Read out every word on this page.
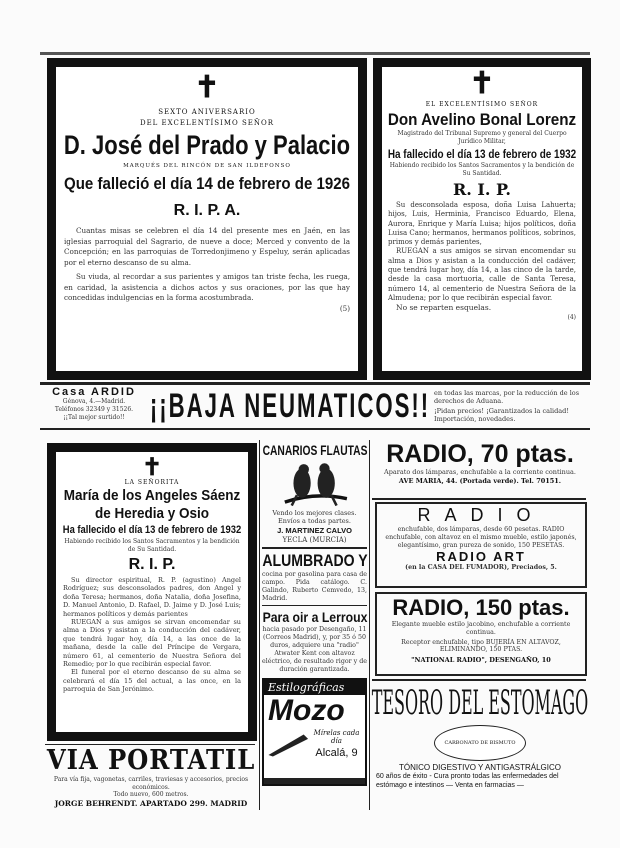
✝
SEXTO ANIVERSARIO
DEL EXCELENTÍSIMO SEÑOR
D. José del Prado y Palacio
MARQUÉS DEL RINCÓN DE SAN ILDEFONSO
Que falleció el día 14 de febrero de 1926
R. I. P. A.
Cuantas misas se celebren el día 14 del presente mes en Jaén, en las iglesias parroquial del Sagrario, de nueve a doce; Merced y convento de la Concepción; en las parroquias de Torredonjimeno y Espeluy, serán aplicadas por el eterno descanso de su alma.
Su viuda, al recordar a sus parientes y amigos tan triste fecha, les ruega, en caridad, la asistencia a dichos actos y sus oraciones, por las que hay concedidas indulgencias en la forma acostumbrada.
(5)
✝
EL EXCELENTÍSIMO SEÑOR
Don Avelino Bonal Lorenz
Magistrado del Tribunal Supremo y general del Cuerpo Jurídico Militar,
Ha fallecido el día 13 de febrero de 1932
Habiendo recibido los Santos Sacramentos y la bendición de Su Santidad.
R. I. P.
Su desconsolada esposa, doña Luisa Lahuerta; hijos, Luis, Herminia, Francisco Eduardo, Elena, Aurora, Enrique y María Luisa; hijos políticos, doña Luisa Cano; hermanos, hermanos políticos, sobrinos, primos y demás parientes,
RUEGAN a sus amigos se sirvan encomendar su alma a Dios y asistan a la conducción del cadáver, que tendrá lugar hoy, día 14, a las cinco de la tarde, desde la casa mortuoria, calle de Santa Teresa, número 14, al cementerio de Nuestra Señora de la Almudena; por lo que recibirán especial favor.
No se reparten esquelas.
(4)
Casa ARDID
Génova, 4.—Madrid.
Teléfonos 32349 y 31526.
¡¡Tal mejor surtido!! ¡¡BAJA NEUMATICOS!! en todas las marcas, por la reducción de los derechos de Aduana.
¡Pidan precios! ¡Garantizados la calidad! Importación, novedades.
✝
LA SEÑORITA
María de los Angeles Sáenz
de Heredia y Osio
Ha fallecido el día 13 de febrero de 1932
Habiendo recibido los Santos Sacramentos y la bendición de Su Santidad.
R. I. P.
Su director espiritual, R. P. (agustino) Angel Rodríguez; sus desconsolados padres, don Angel y doña Teresa; hermanos, doña Natalia, doña Josefina, D. Manuel Antonio, D. Rafael, D. Jaime y D. José Luis; hermanos políticos y demás parientes
RUEGAN a sus amigos se sirvan encomendar su alma a Dios y asistan a la conducción del cadáver, que tendrá lugar hoy, día 14, a las once de la mañana, desde la calle del Príncipe de Vergara, número 61, al cementerio de Nuestra Señora del Remedio; por lo que recibirán especial favor.
El funeral por el eterno descanso de su alma se celebrará el día 15 del actual, a las once, en la parroquia de San Jerónimo.
VIA PORTATIL
Para vía fija, vagonetas, carriles, traviesas y accesorios, precios económicos.
Todo nuevo, 600 metros.
JORGE BEHRENDT. APARTADO 299. MADRID
CANARIOS FLAUTAS
Vendo los mejores clases. Envíos a todas partes.
J. MARTINEZ CALVO
YECLA (MURCIA)
ALUMBRADO Y
cocina por gasolina para casa de campo. Pida catálogo. C. Galindo, Ruberto Cemvedo, 13, Madrid.
Para oir a Lerroux
hacia pasado por Desengaño, 11 (Correos Madrid), y, por 35 ó 50 duros, adquiere una "radio" Atwater Kent con altavoz eléctrico, de resultado rigor y de duración garantizada.
Estilográficas
Mozo
Mírelas cada día
Alcalá, 9
RADIO, 70 ptas.
Aparato dos lámparas, enchufable a la corriente continua.
AVE MARIA, 44. (Portada verde). Tel. 70151.
RADIO
enchufable, dos lámparas, desde 60 pesetas. RADIO enchufable, con altavoz en el mismo mueble, estilo japonés, elegantísimo, gran pureza de sonido, 150 PESETAS.
RADIO ART
(en la CASA DEL FUMADOR), Preciados, 5.
RADIO, 150 ptas.
Elegante mueble estilo jacobino, enchufable a corriente continua.
Receptor enchufable, tipo BUJERÍA EN ALTAVOZ, ELIMINANDO, 150 PTAS.
"NATIONAL RADIO", DESENGAÑO, 10
TESORO DEL ESTOMAGO
CARBONATO DE BISMUTO
TÓNICO DIGESTIVO Y ANTIGASTRÁLGICO
60 años de éxito - Cura pronto todas las enfermedades del estómago e intestinos — Venta en farmacias —
